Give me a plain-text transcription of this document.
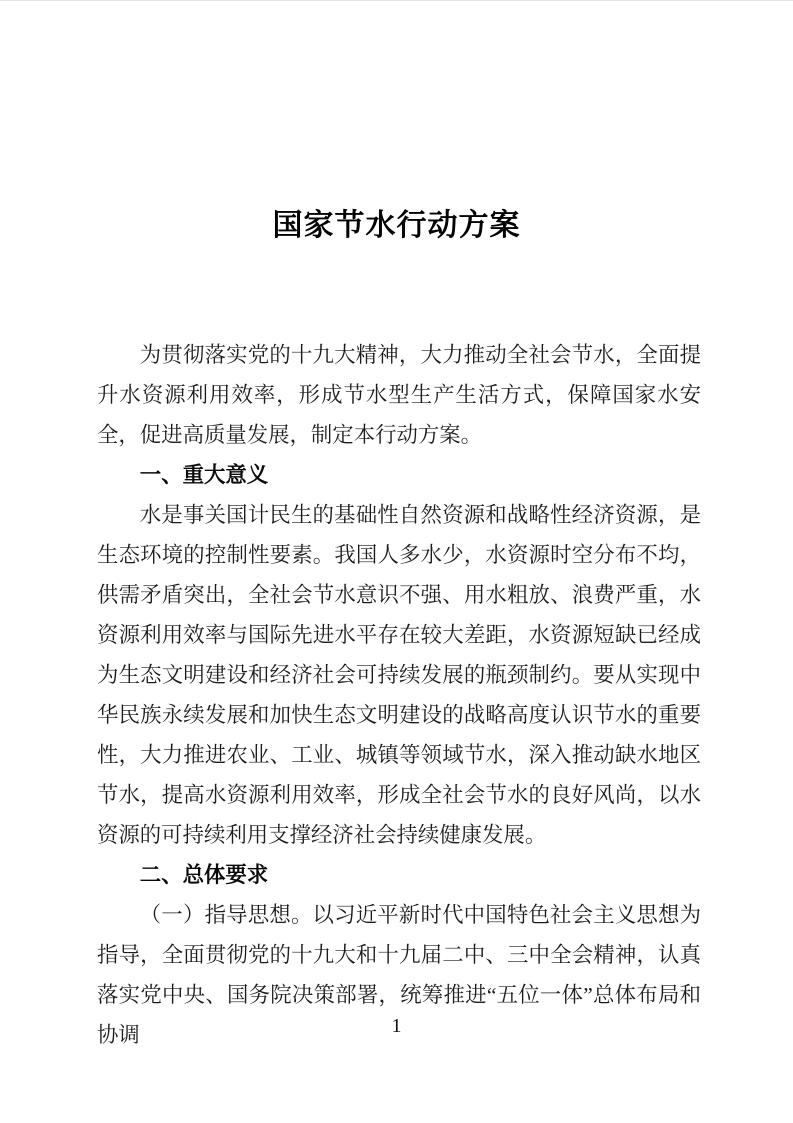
国家节水行动方案
为贯彻落实党的十九大精神，大力推动全社会节水，全面提升水资源利用效率，形成节水型生产生活方式，保障国家水安全，促进高质量发展，制定本行动方案。
一、重大意义
水是事关国计民生的基础性自然资源和战略性经济资源，是生态环境的控制性要素。我国人多水少，水资源时空分布不均，供需矛盾突出，全社会节水意识不强、用水粗放、浪费严重，水资源利用效率与国际先进水平存在较大差距，水资源短缺已经成为生态文明建设和经济社会可持续发展的瓶颈制约。要从实现中华民族永续发展和加快生态文明建设的战略高度认识节水的重要性，大力推进农业、工业、城镇等领域节水，深入推动缺水地区节水，提高水资源利用效率，形成全社会节水的良好风尚，以水资源的可持续利用支撑经济社会持续健康发展。
二、总体要求
（一）指导思想。以习近平新时代中国特色社会主义思想为指导，全面贯彻党的十九大和十九届二中、三中全会精神，认真落实党中央、国务院决策部署，统筹推进“五位一体”总体布局和协调	1
